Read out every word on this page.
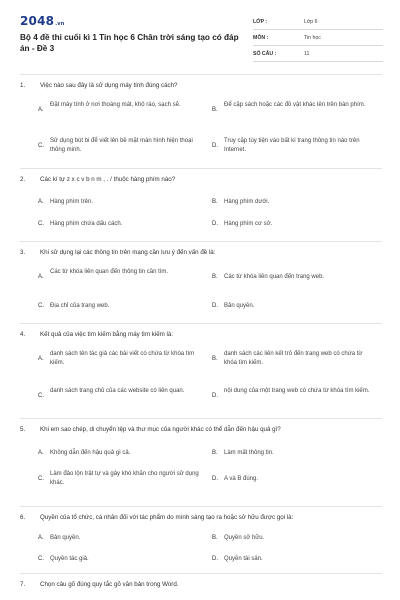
2048.vn
Bộ 4 đề thi cuối kì 1 Tin học 6 Chân trời sáng tạo có đáp án - Đề 3
LỚP :	Lớp 6
MÔN :	Tin học
SỐ CÂU :	11
1. Việc nào sau đây là sử dụng máy tính đúng cách?
A.
Đặt máy tính ở nơi thoáng mát, khô ráo, sạch sẽ.
B.
Để cặp sách hoặc các đồ vật khác lên trên bàn phím.
C.
Sử dụng bút bi để viết lên bề mặt màn hình hiện thoại thông minh.
D.
Truy cập tùy tiện vào bất kì trang thông tin nào trên Internet.
2. Các kí tự z x c v b n m , . / thuộc hàng phím nào?
A. Hàng phím trên.	B. Hàng phím dưới.
C. Hàng phím chứa dấu cách.	D. Hàng phím cơ sở.
3. Khi sử dụng lại các thông tin trên mạng cần lưu ý đến vấn đề là:
A.
Các từ khóa liên quan đến thông tin cần tìm.
B. Các từ khóa liên quan đến trang web.
C. Địa chỉ của trang web.	D. Bản quyền.
4. Kết quả của việc tìm kiếm bằng máy tìm kiếm là:
A.
danh sách tên tác giả các bài viết có chứa từ khóa tìm kiếm.
B.
danh sách các liên kết trỏ đến trang web có chứa từ khóa tìm kiếm.
C.
danh sách trang chủ của các website có liên quan.
D.
nội dung của một trang web có chứa từ khóa tìm kiếm.
5. Khi em sao chép, di chuyển tệp và thư mục của người khác có thể dẫn đến hậu quả gì?
A. Không dẫn đến hậu quả gì cả.	B. Làm mất thông tin.
C.
Làm đảo lộn trật tự và gây khó khăn cho người sử dụng khác.
D. A và B đúng.
6. Quyền của tổ chức, cá nhân đối với tác phẩm do mình sáng tạo ra hoặc sở hữu được gọi là:
A. Bản quyền.	B. Quyền sở hữu.
C. Quyền tác giả.	D. Quyền tài sản.
7. Chọn câu gõ đúng quy tắc gõ văn bản trong Word.
